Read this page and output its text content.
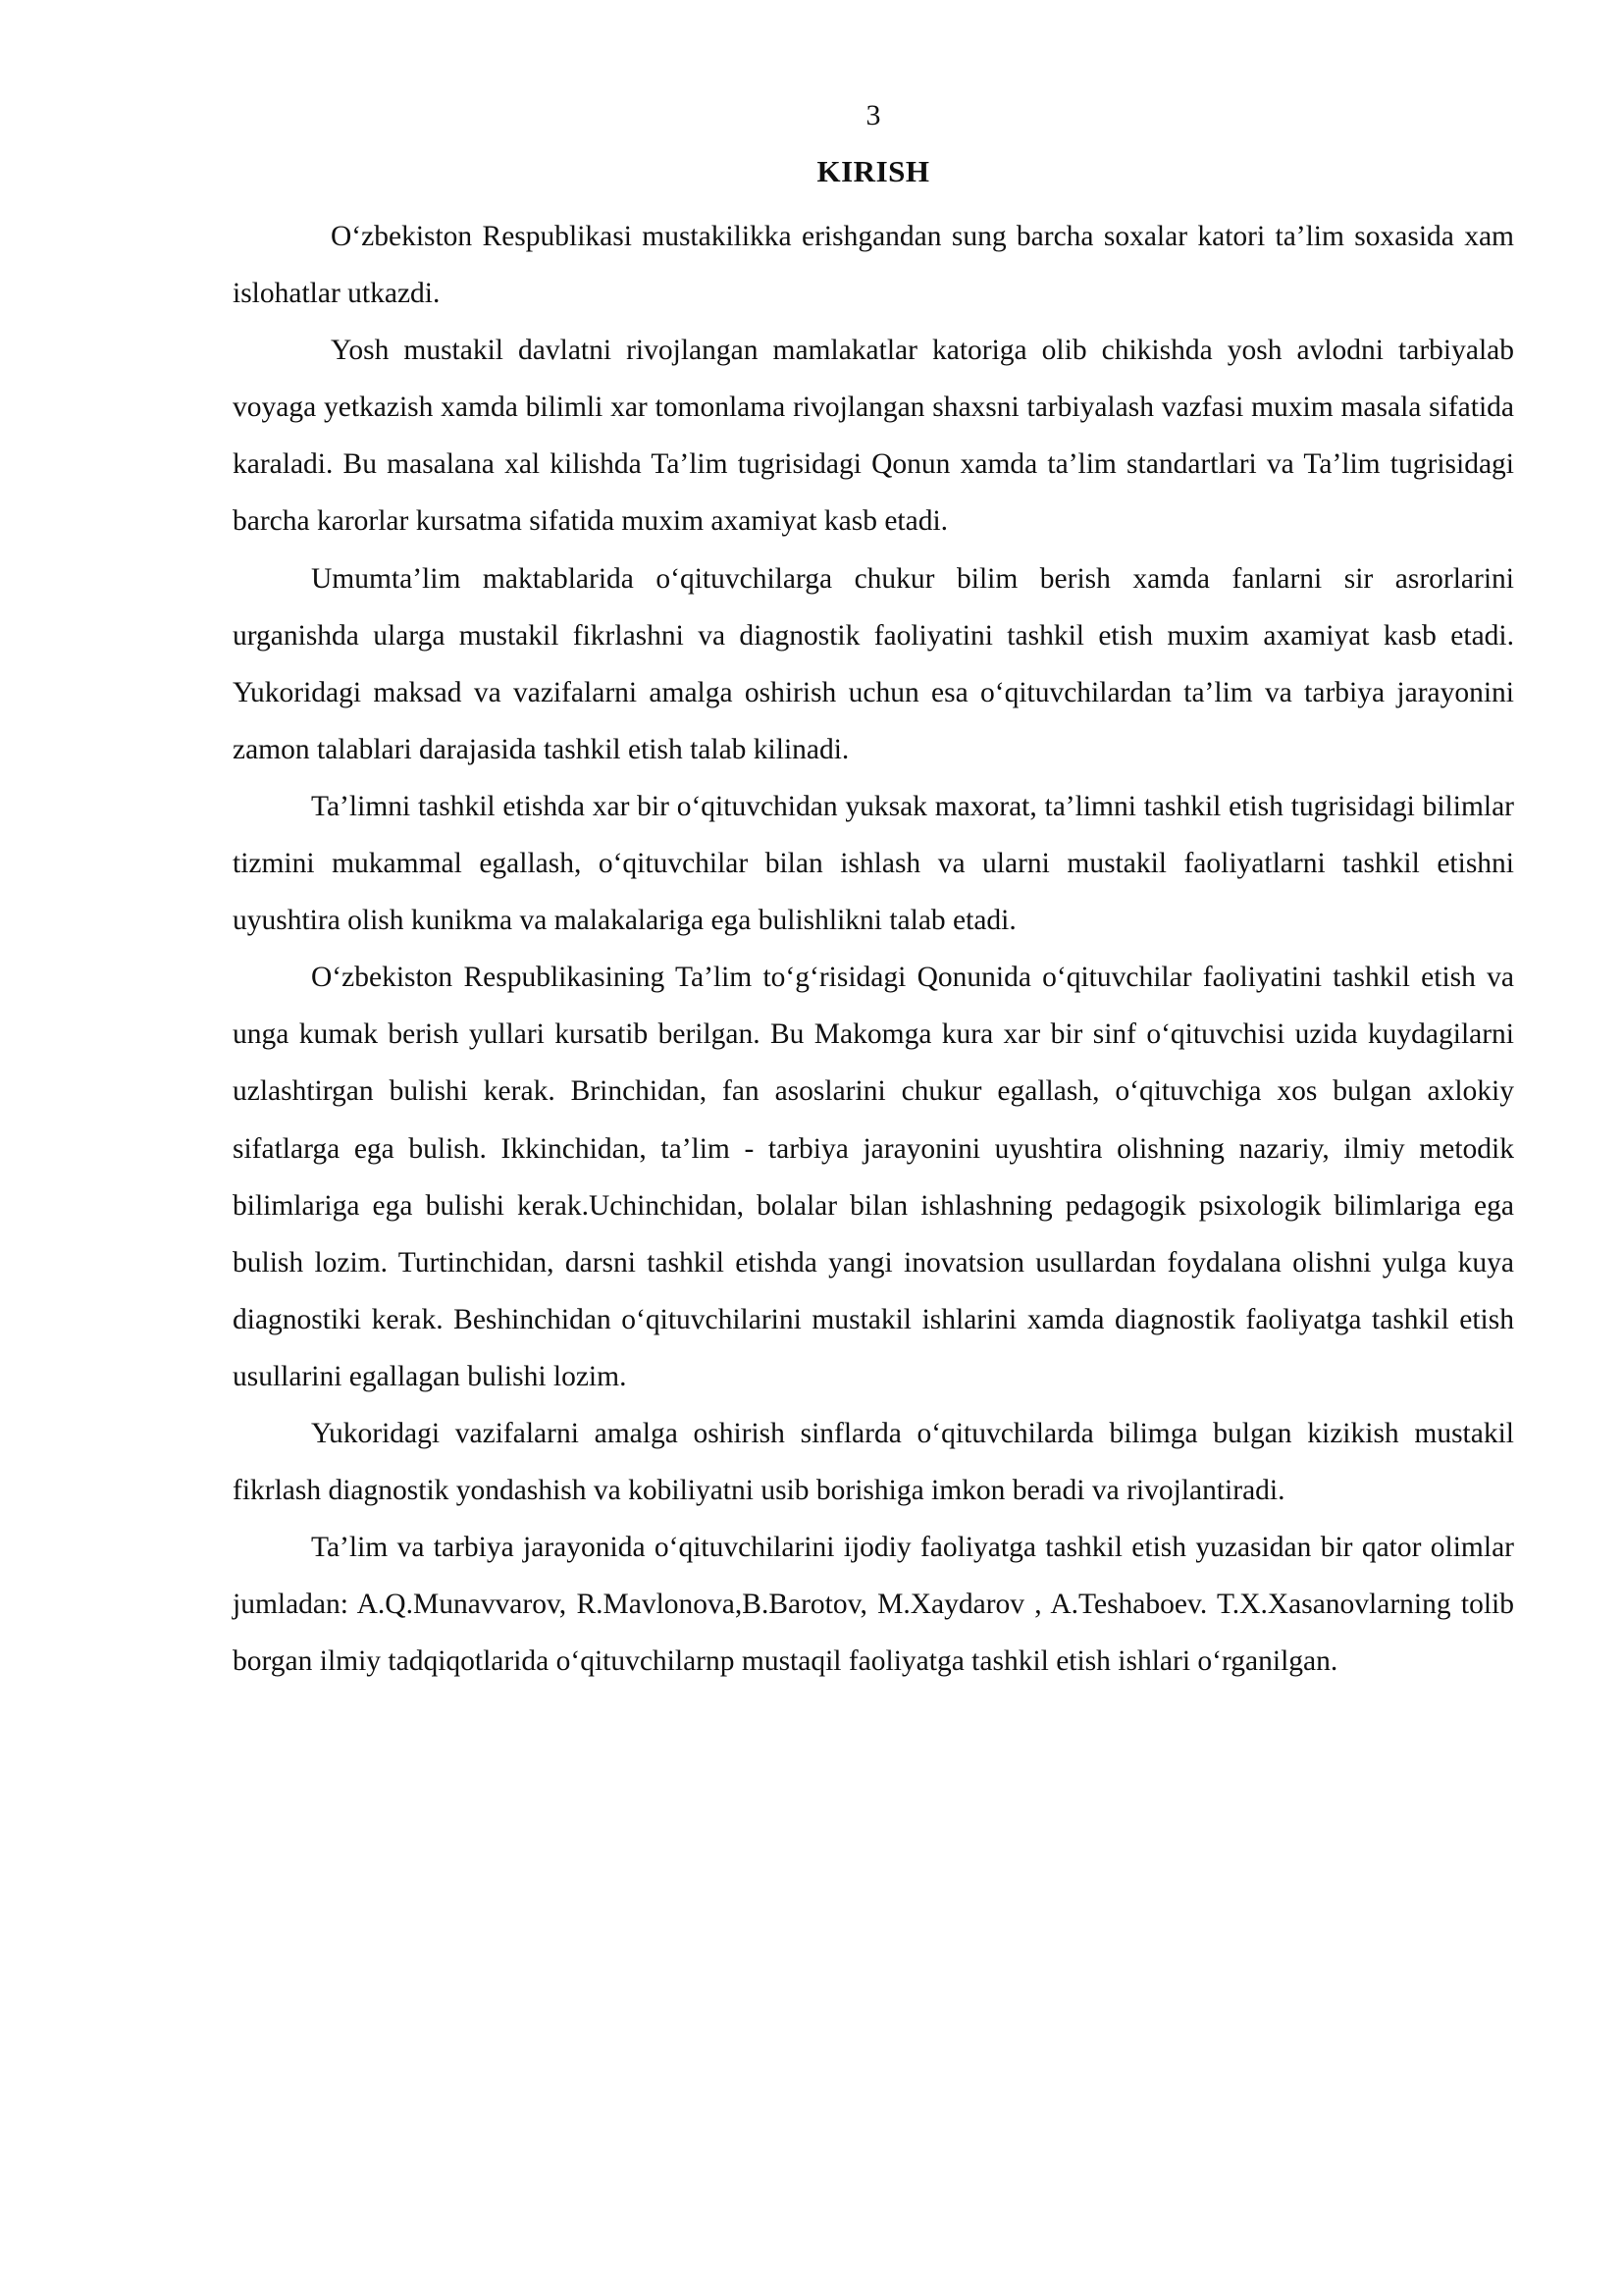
3
KIRISH

O‘zbekiston Respublikasi mustakilikka erishgandan sung barcha soxalar katori ta’lim soxasida xam islohatlar utkazdi.

Yosh mustakil davlatni rivojlangan mamlakatlar katoriga olib chikishda yosh avlodni tarbiyalab voyaga yetkazish xamda bilimli xar tomonlama rivojlangan shaxsni tarbiyalash vazfasi muxim masala sifatida karaladi. Bu masalana xal kilishda Ta’lim tugrisidagi Qonun xamda ta’lim standartlari va Ta’lim tugrisidagi barcha karorlar kursatma sifatida muxim axamiyat kasb etadi.

Umumta’lim maktablarida o‘qituvchilarga chukur bilim berish xamda fanlarni sir asrorlarini urganishda ularga mustakil fikrlashni va diagnostik faoliyatini tashkil etish muxim axamiyat kasb etadi. Yukoridagi maksad va vazifalarni amalga oshirish uchun esa o‘qituvchilardan ta’lim va tarbiya jarayonini zamon talablari darajasida tashkil etish talab kilinadi.

Ta’limni tashkil etishda xar bir o‘qituvchidan yuksak maxorat, ta’limni tashkil etish tugrisidagi bilimlar tizmini mukammal egallash, o‘qituvchilar bilan ishlash va ularni mustakil faoliyatlarni tashkil etishni uyushtira olish kunikma va malakalariga ega bulishlikni talab etadi.

O‘zbekiston Respublikasining Ta’lim to‘g‘risidagi Qonunida o‘qituvchilar faoliyatini tashkil etish va unga kumak berish yullari kursatib berilgan. Bu Makomga kura xar bir sinf o‘qituvchisi uzida kuydagilarni uzlashtirgan bulishi kerak. Brinchidan, fan asoslarini chukur egallash, o‘qituvchiga xos bulgan axlokiy sifatlarga ega bulish. Ikkinchidan, ta’lim - tarbiya jarayonini uyushtira olishning nazariy, ilmiy metodik bilimlariga ega bulishi kerak.Uchinchidan, bolalar bilan ishlashning pedagogik psixologik bilimlariga ega bulish lozim. Turtinchidan, darsni tashkil etishda yangi inovatsion usullardan foydalana olishni yulga kuya diagnostiki kerak. Beshinchidan o‘qituvchilarini mustakil ishlarini xamda diagnostik faoliyatga tashkil etish usullarini egallagan bulishi lozim.

Yukoridagi vazifalarni amalga oshirish sinflarda o‘qituvchilarda bilimga bulgan kizikish mustakil fikrlash diagnostik yondashish va kobiliyatni usib borishiga imkon beradi va rivojlantiradi.

Ta’lim va tarbiya jarayonida o‘qituvchilarini ijodiy faoliyatga tashkil etish yuzasidan bir qator olimlar jumladan: A.Q.Munavvarov, R.Mavlonova,B.Barotov, M.Xaydarov , A.Teshaboev. T.X.Xasanovlarning tolib borgan ilmiy tadqiqotlarida o‘qituvchilarnp mustaqil faoliyatga tashkil etish ishlari o‘rganilgan.
